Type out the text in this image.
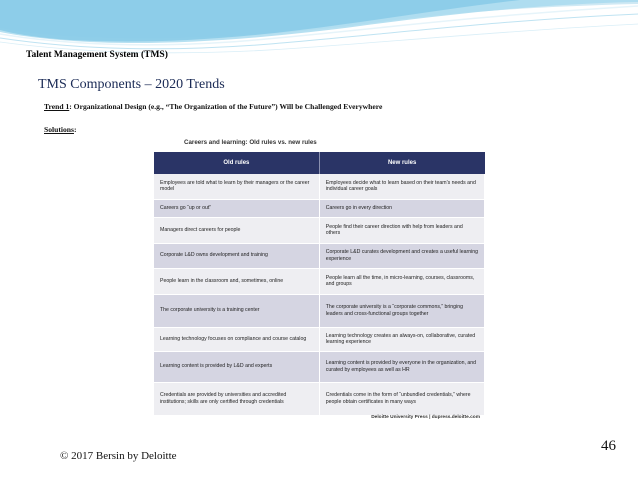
Talent Management System (TMS)
TMS Components – 2020 Trends
Trend 1: Organizational Design (e.g., “The Organization of the Future”) Will be Challenged Everywhere
Solutions:
Careers and learning: Old rules vs. new rules
Old rules	New rules
Employees are told what to learn by their managers or the career model	Employees decide what to learn based on their team's needs and individual career goals
Careers go “up or out”	Careers go in every direction
Managers direct careers for people	People find their career direction with help from leaders and others
Corporate L&D owns development and training	Corporate L&D curates development and creates a useful learning experience
People learn in the classroom and, sometimes, online	People learn all the time, in micro-learning, courses, classrooms, and groups
The corporate university is a training center	The corporate university is a “corporate commons,” bringing leaders and cross-functional groups together
Learning technology focuses on compliance and course catalog	Learning technology creates an always-on, collaborative, curated learning experience
Learning content is provided by L&D and experts	Learning content is provided by everyone in the organization, and curated by employees as well as HR
Credentials are provided by universities and accredited institutions; skills are only certified through credentials	Credentials come in the form of “unbundled credentials,” where people obtain certificates in many ways
Deloitte University Press | dupress.deloitte.com
© 2017 Bersin by Deloitte
46
